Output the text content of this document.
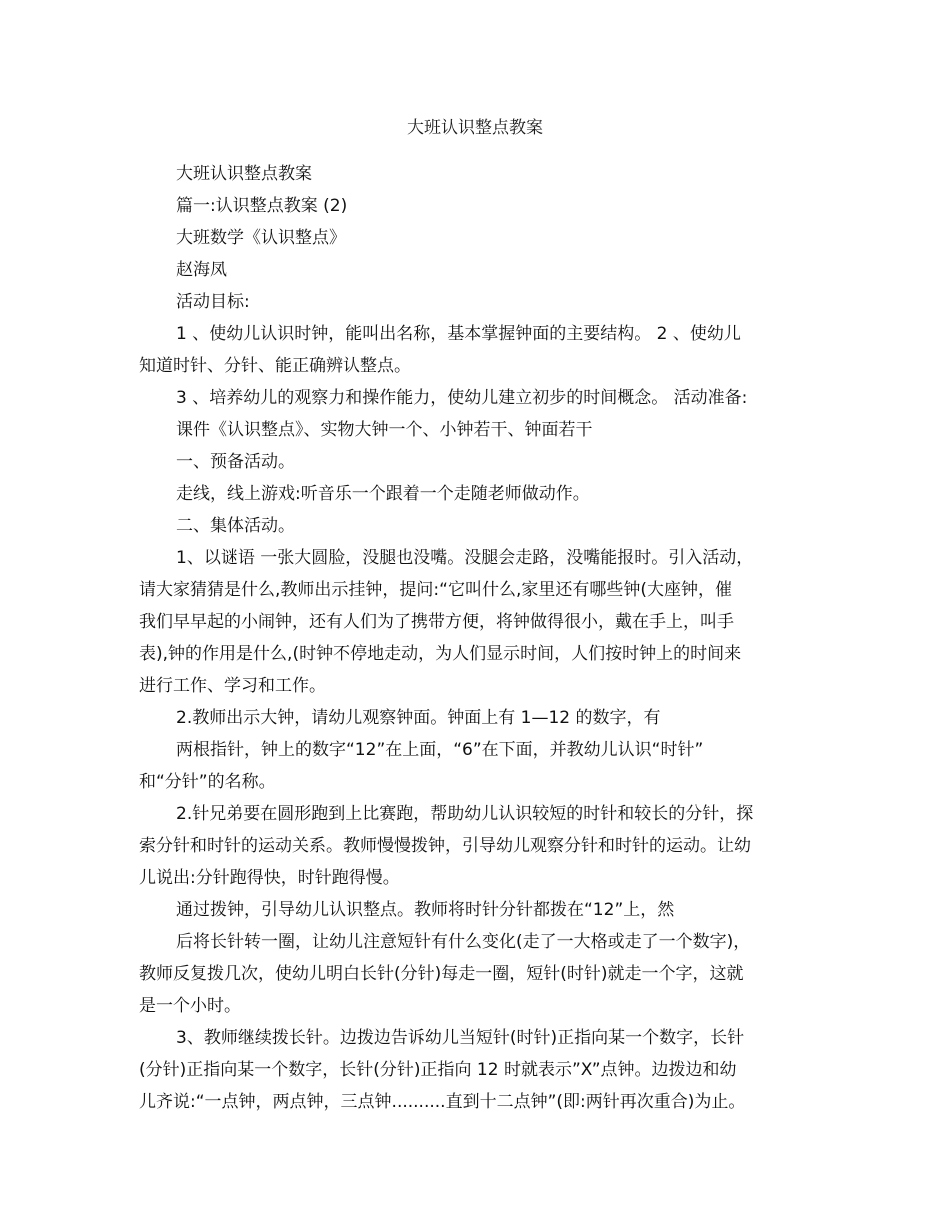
大班认识整点教案
大班认识整点教案
篇一:认识整点教案 (2)
大班数学《认识整点》
赵海凤
活动目标:
1 、使幼儿认识时钟，能叫出名称，基本掌握钟面的主要结构。 2 、使幼儿
知道时针、分针、能正确辨认整点。
3 、培养幼儿的观察力和操作能力，使幼儿建立初步的时间概念。 活动准备:
课件《认识整点》、实物大钟一个、小钟若干、钟面若干
一、预备活动。
走线，线上游戏:听音乐一个跟着一个走随老师做动作。
二、集体活动。
1、以谜语 一张大圆脸，没腿也没嘴。没腿会走路，没嘴能报时。引入活动，
请大家猜猜是什么,教师出示挂钟，提问:“它叫什么,家里还有哪些钟(大座钟，催
我们早早起的小闹钟，还有人们为了携带方便，将钟做得很小，戴在手上，叫手
表),钟的作用是什么,(时钟不停地走动，为人们显示时间，人们按时钟上的时间来
进行工作、学习和工作。
2.教师出示大钟，请幼儿观察钟面。钟面上有 1—12 的数字，有
两根指针，钟上的数字“12”在上面，“6”在下面，并教幼儿认识“时针”
和“分针”的名称。
2.针兄弟要在圆形跑到上比赛跑，帮助幼儿认识较短的时针和较长的分针，探
索分针和时针的运动关系。教师慢慢拨钟，引导幼儿观察分针和时针的运动。让幼
儿说出:分针跑得快，时针跑得慢。
通过拨钟，引导幼儿认识整点。教师将时针分针都拨在“12”上，然
后将长针转一圈，让幼儿注意短针有什么变化(走了一大格或走了一个数字)，
教师反复拨几次，使幼儿明白长针(分针)每走一圈，短针(时针)就走一个字，这就
是一个小时。
3、教师继续拨长针。边拨边告诉幼儿当短针(时针)正指向某一个数字，长针
(分针)正指向某一个数字，长针(分针)正指向 12 时就表示”X”点钟。边拨边和幼
儿齐说:“一点钟，两点钟，三点钟..........直到十二点钟”(即:两针再次重合)为止。
